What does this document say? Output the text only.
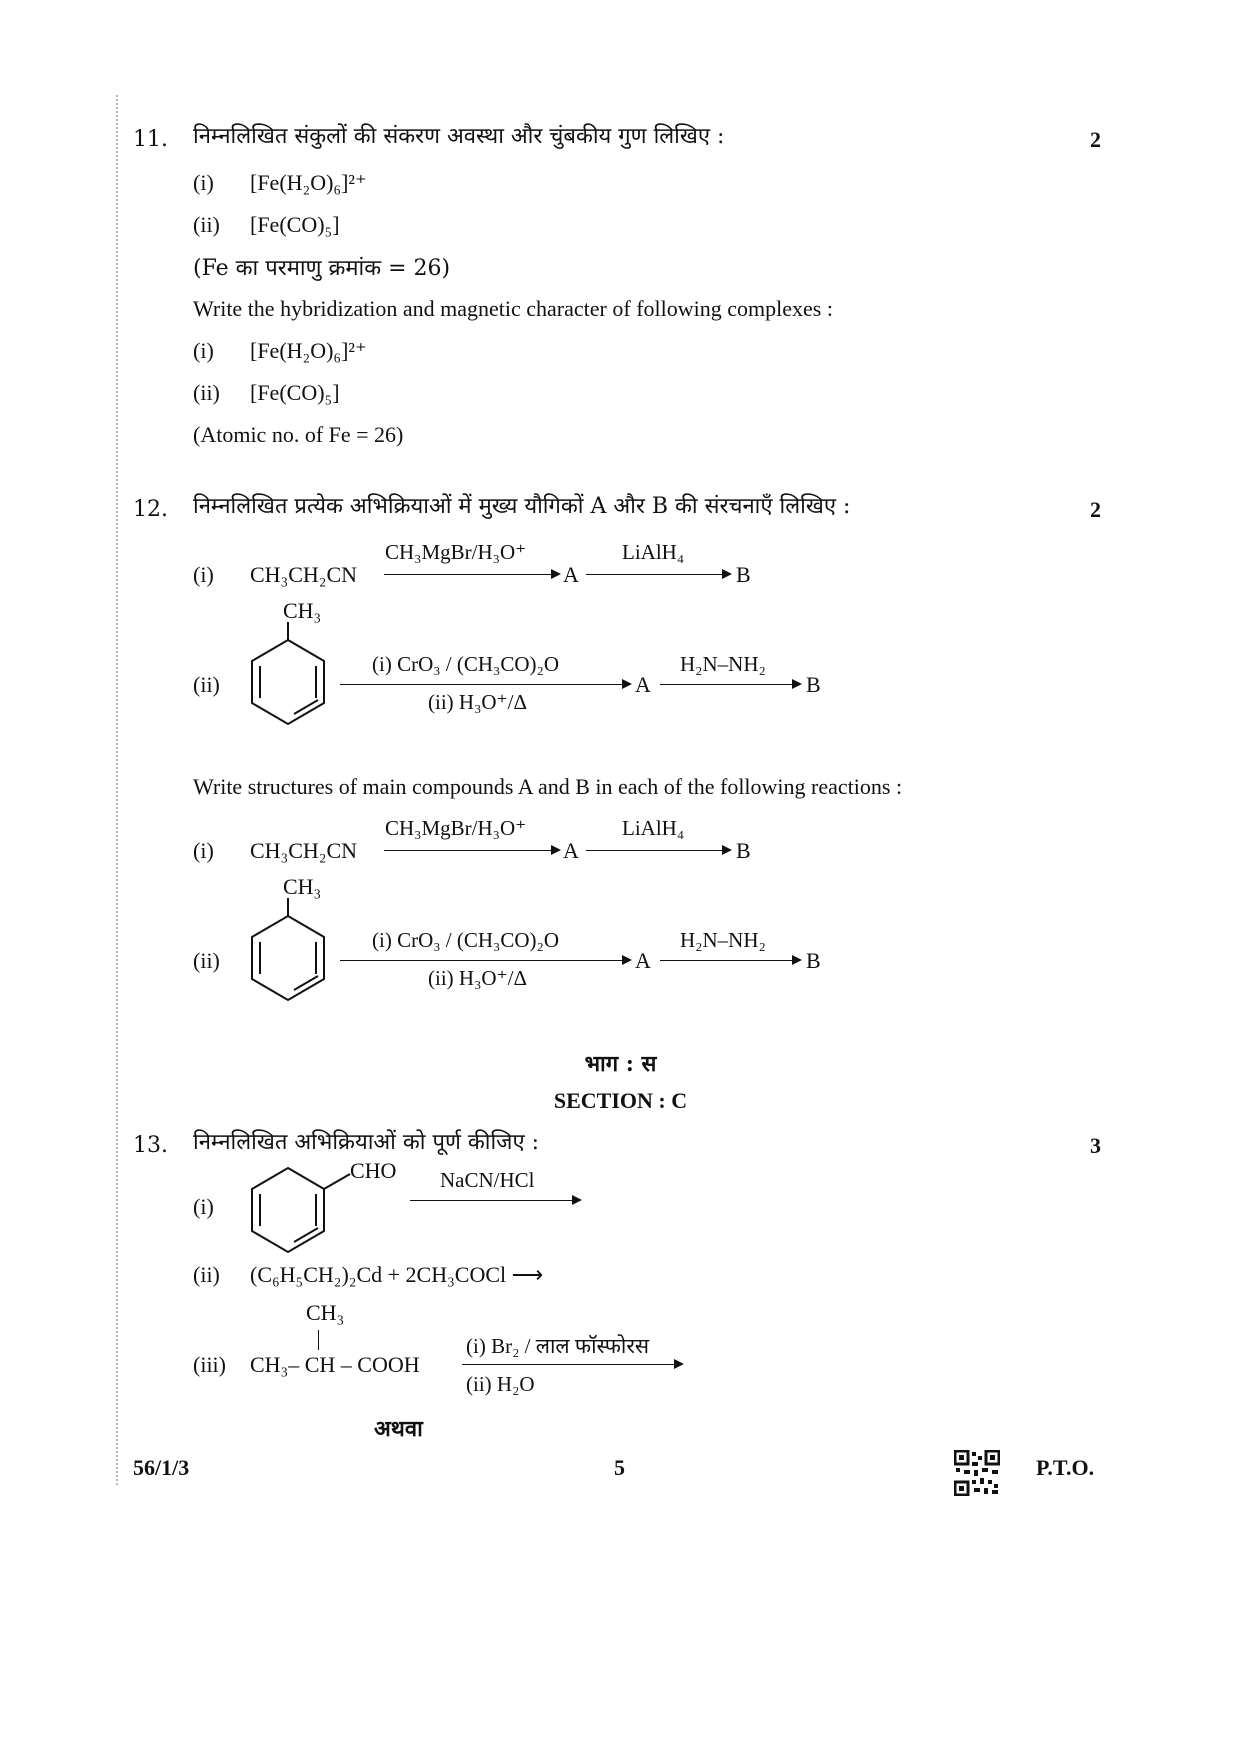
11. निम्नलिखित संकुलों की संकरण अवस्था और चुंबकीय गुण लिखिए :	2
(i) [Fe(H₂O)₆]²⁺
(ii) [Fe(CO)₅]
(Fe का परमाणु क्रमांक = 26)
Write the hybridization and magnetic character of following complexes :
(i) [Fe(H₂O)₆]²⁺
(ii) [Fe(CO)₅]
(Atomic no. of Fe = 26)
12. निम्नलिखित प्रत्येक अभिक्रियाओं में मुख्य यौगिकों A और B की संरचनाएँ लिखिए :	2
(i) CH₃CH₂CN
CH₃MgBr/H₃O⁺
A
LiAlH₄
B
CH₃
(ii)
(i) CrO₃ / (CH₃CO)₂O
(ii) H₃O⁺/Δ
A
H₂N–NH₂
B
Write structures of main compounds A and B in each of the following reactions :
(i) CH₃CH₂CN
CH₃MgBr/H₃O⁺
A
LiAlH₄
B
CH₃
(ii)
(i) CrO₃ / (CH₃CO)₂O
(ii) H₃O⁺/Δ
A
H₂N–NH₂
B
भाग : स
SECTION : C
13. निम्नलिखित अभिक्रियाओं को पूर्ण कीजिए :	3
CHO
(i)
NaCN/HCl
(ii) (C₆H₅CH₂)₂Cd + 2CH₃COCl ⟶
CH₃
(iii) CH₃– CH – COOH
(i) Br₂ / लाल फॉस्फोरस
(ii) H₂O
अथवा
56/1/3	5	P.T.O.
